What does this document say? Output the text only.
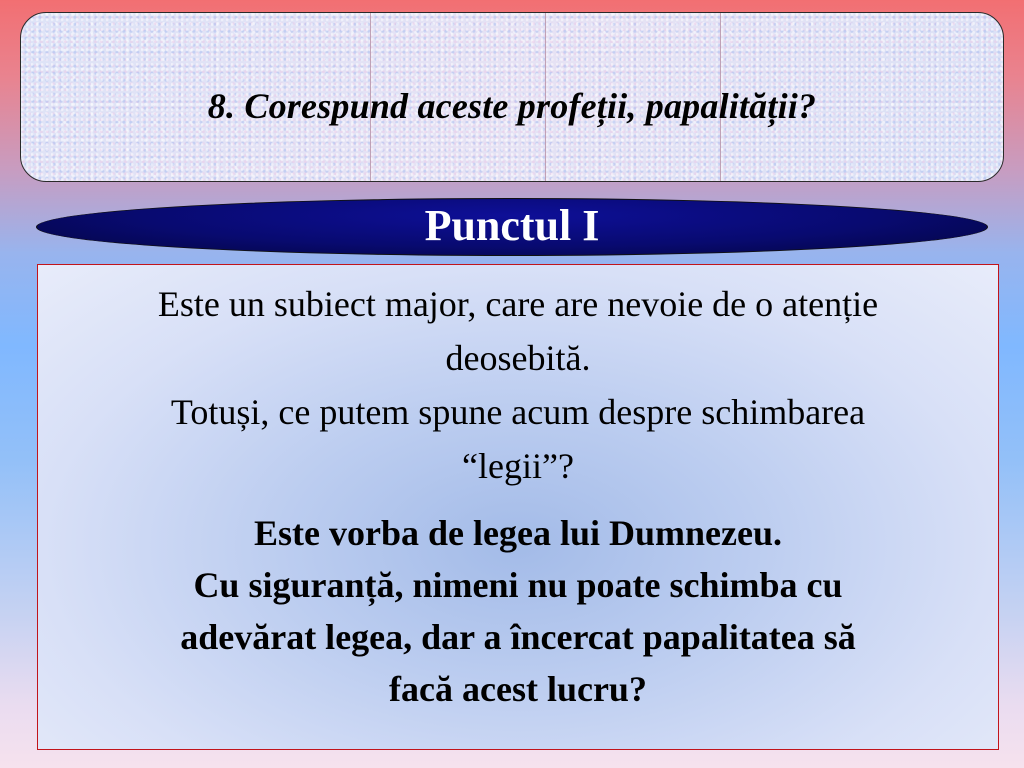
8. Corespund aceste profeții, papalității?
Punctul I

Este un subiect major, care are nevoie de o atenție
deosebită.
Totuși, ce putem spune acum despre schimbarea
“legii”?

Este vorba de legea lui Dumnezeu.
Cu siguranță, nimeni nu poate schimba cu
adevărat legea, dar a încercat papalitatea să
facă acest lucru?
